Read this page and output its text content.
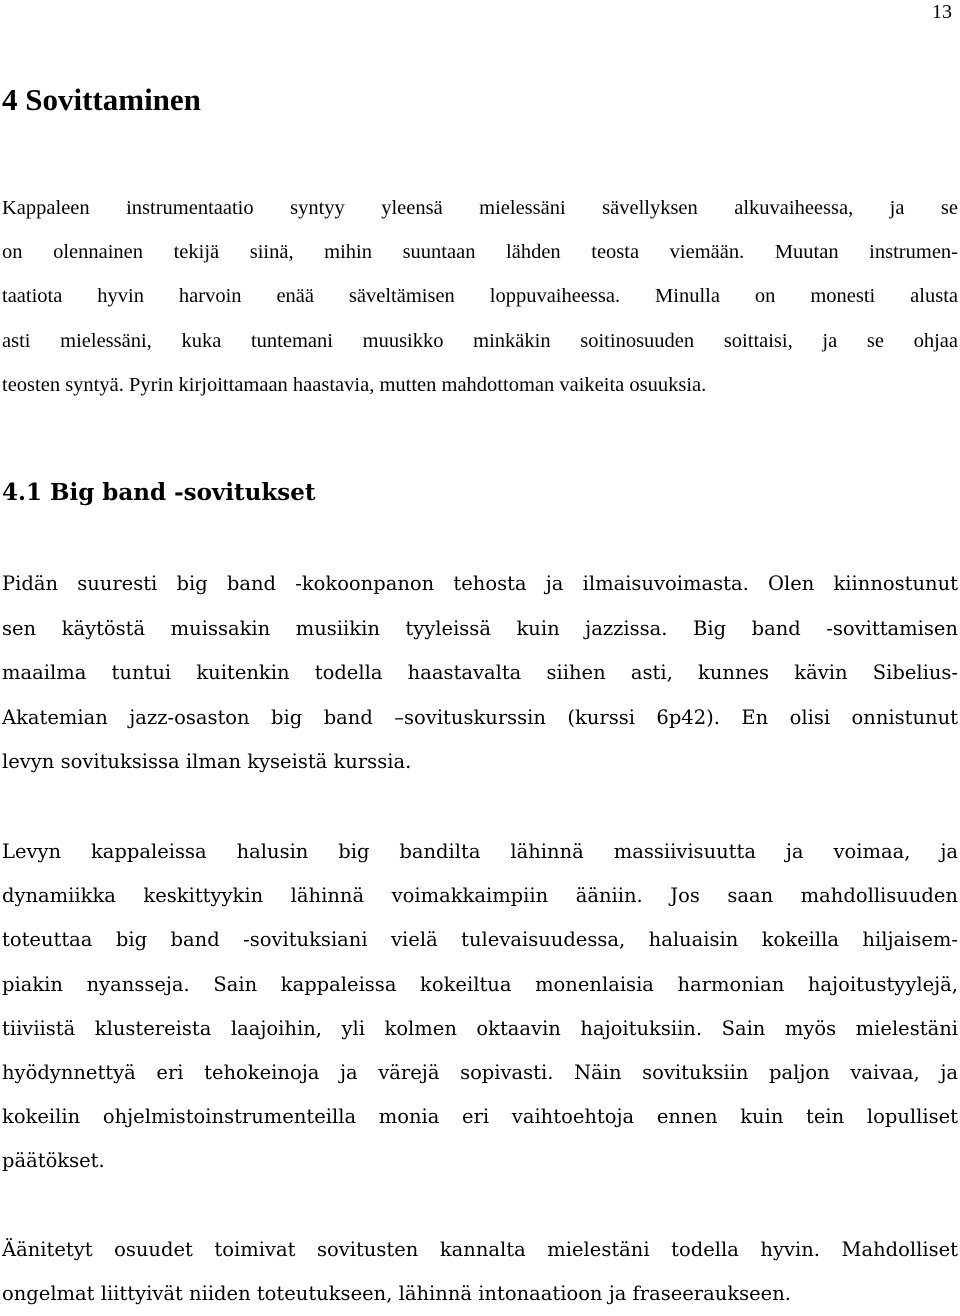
13
4 Sovittaminen

Kappaleen instrumentaatio syntyy yleensä mielessäni sävellyksen alkuvaiheessa, ja se
on olennainen tekijä siinä, mihin suuntaan lähden teosta viemään. Muutan instrumen-
taatiota hyvin harvoin enää säveltämisen loppuvaiheessa. Minulla on monesti alusta
asti mielessäni, kuka tuntemani muusikko minkäkin soitinosuuden soittaisi, ja se ohjaa
teosten syntyä. Pyrin kirjoittamaan haastavia, mutten mahdottoman vaikeita osuuksia.

4.1 Big band -sovitukset

Pidän suuresti big band -kokoonpanon tehosta ja ilmaisuvoimasta. Olen kiinnostunut
sen käytöstä muissakin musiikin tyyleissä kuin jazzissa. Big band -sovittamisen
maailma tuntui kuitenkin todella haastavalta siihen asti, kunnes kävin Sibelius-
Akatemian jazz-osaston big band –sovituskurssin (kurssi 6p42). En olisi onnistunut
levyn sovituksissa ilman kyseistä kurssia.

Levyn kappaleissa halusin big bandilta lähinnä massiivisuutta ja voimaa, ja
dynamiikka keskittyykin lähinnä voimakkaimpiin ääniin. Jos saan mahdollisuuden
toteuttaa big band -sovituksiani vielä tulevaisuudessa, haluaisin kokeilla hiljaisem-
piakin nyansseja. Sain kappaleissa kokeiltua monenlaisia harmonian hajoitustyylejä,
tiiviistä klustereista laajoihin, yli kolmen oktaavin hajoituksiin. Sain myös mielestäni
hyödynnettyä eri tehokeinoja ja värejä sopivasti. Näin sovituksiin paljon vaivaa, ja
kokeilin ohjelmistoinstrumenteilla monia eri vaihtoehtoja ennen kuin tein lopulliset
päätökset.

Äänitetyt osuudet toimivat sovitusten kannalta mielestäni todella hyvin. Mahdolliset
ongelmat liittyivät niiden toteutukseen, lähinnä intonaatioon ja fraseeraukseen.
